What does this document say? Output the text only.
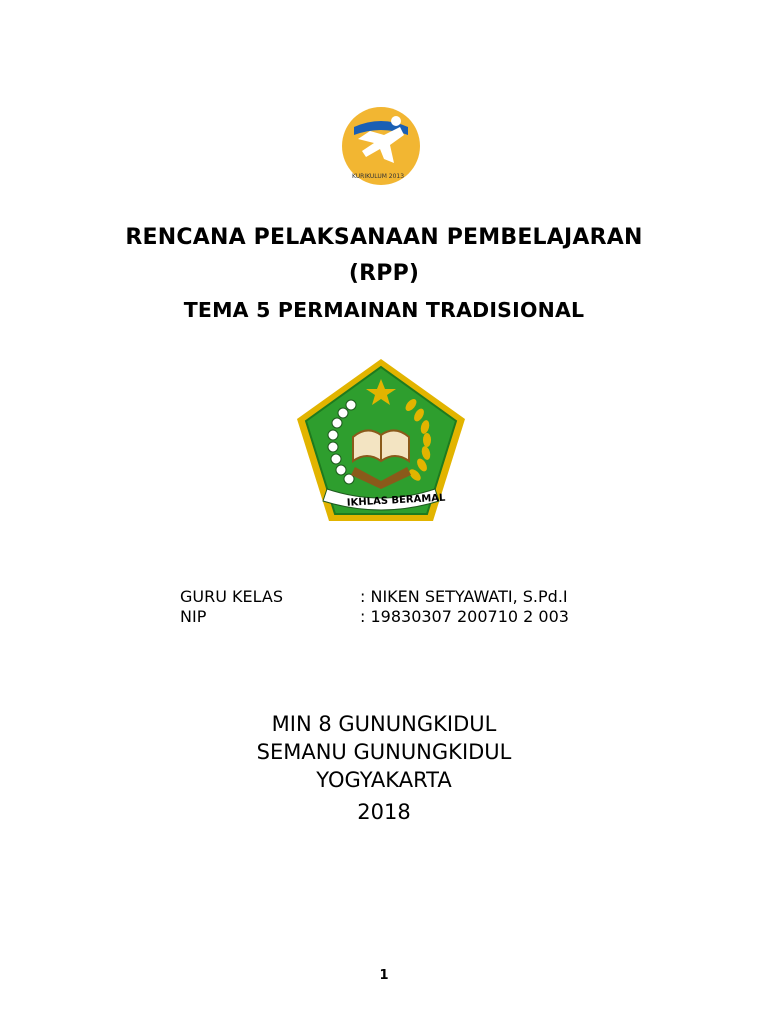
KURIKULUM 2013
RENCANA PELAKSANAAN PEMBELAJARAN
(RPP)
TEMA 5 PERMAINAN TRADISIONAL
IKHLAS BERAMAL
GURU KELAS	: NIKEN SETYAWATI, S.Pd.I
NIP	: 19830307 200710 2 003
MIN 8 GUNUNGKIDUL
SEMANU GUNUNGKIDUL
YOGYAKARTA
2018
1
